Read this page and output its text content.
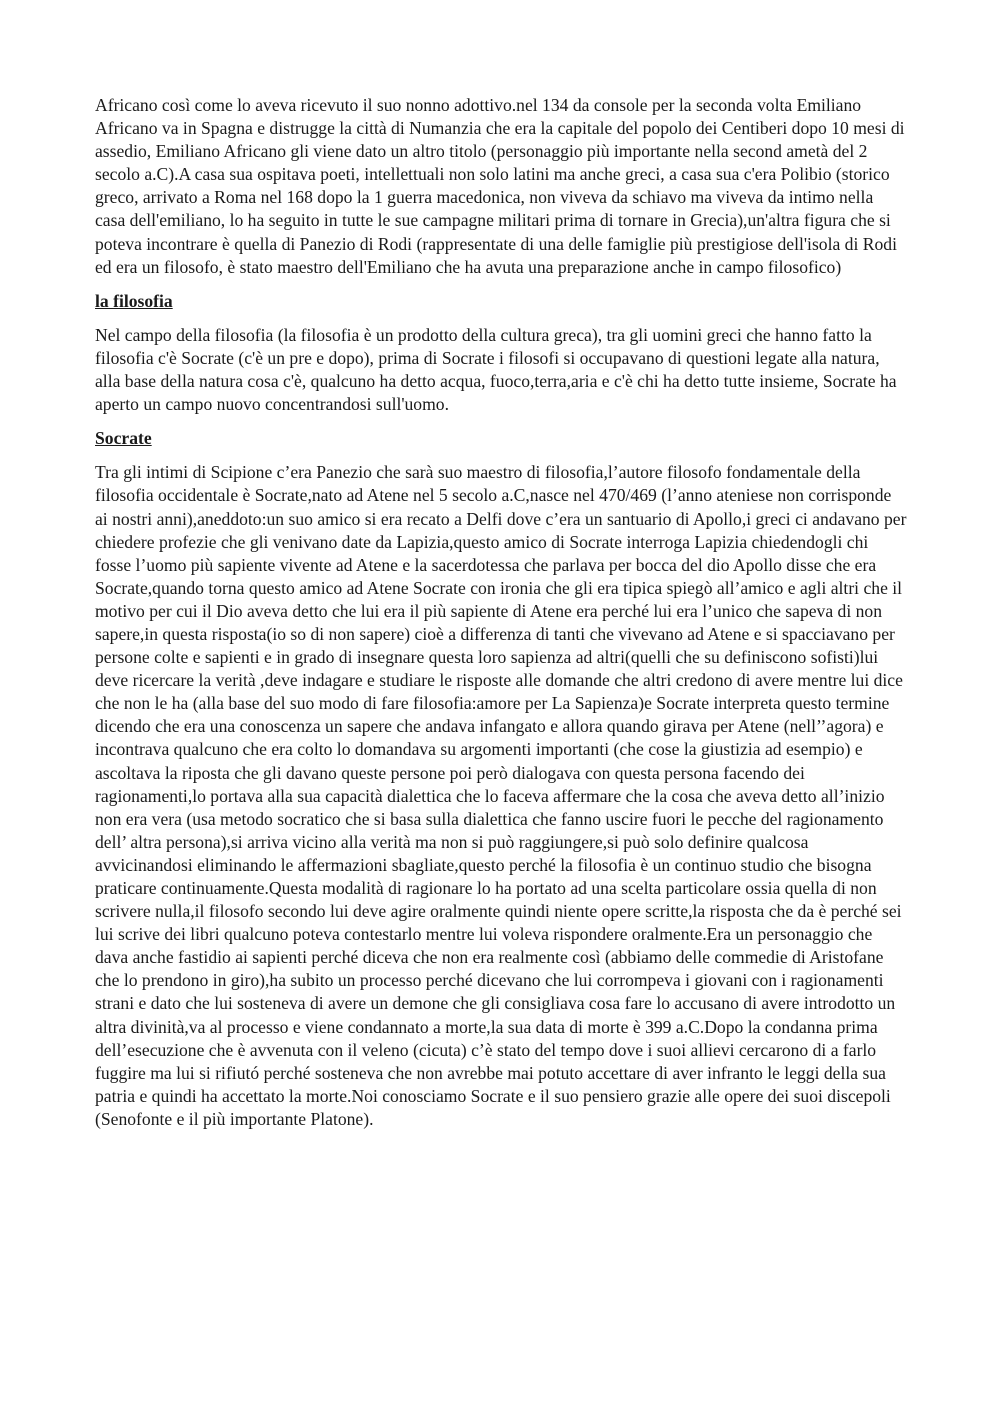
Africano così come lo aveva ricevuto il suo nonno adottivo.nel 134 da console per la seconda volta Emiliano Africano va in Spagna e distrugge la città di Numanzia che era la capitale del popolo dei Centiberi dopo 10 mesi di assedio, Emiliano Africano gli viene dato un altro titolo (personaggio più importante nella second ametà del 2 secolo a.C).A casa sua ospitava poeti, intellettuali non solo latini ma anche greci, a casa sua c'era Polibio (storico greco, arrivato a Roma nel 168 dopo la 1 guerra macedonica, non viveva da schiavo ma viveva da intimo nella casa dell'emiliano, lo ha seguito in tutte le sue campagne militari prima di tornare in Grecia),un'altra figura che si poteva incontrare è quella di Panezio di Rodi (rappresentate di una delle famiglie più prestigiose dell'isola di Rodi ed era un filosofo, è stato maestro dell'Emiliano che ha avuta una preparazione anche in campo filosofico)

la filosofia

Nel campo della filosofia (la filosofia è un prodotto della cultura greca), tra gli uomini greci che hanno fatto la filosofia c'è Socrate (c'è un pre e dopo), prima di Socrate i filosofi si occupavano di questioni legate alla natura, alla base della natura cosa c'è, qualcuno ha detto acqua, fuoco,terra,aria e c'è chi ha detto tutte insieme, Socrate ha aperto un campo nuovo concentrandosi sull'uomo.

Socrate

Tra gli intimi di Scipione c’era Panezio che sarà suo maestro di filosofia,l’autore filosofo fondamentale della filosofia occidentale è Socrate,nato ad Atene nel 5 secolo a.C,nasce nel 470/469 (l’anno ateniese non corrisponde ai nostri anni),aneddoto:un suo amico si era recato a Delfi dove c’era un santuario di Apollo,i greci ci andavano per chiedere profezie che gli venivano date da Lapizia,questo amico di Socrate interroga Lapizia chiedendogli chi fosse l’uomo più sapiente vivente ad Atene e la sacerdotessa che parlava per bocca del dio Apollo disse che era Socrate,quando torna questo amico ad Atene Socrate con ironia che gli era tipica spiegò all’amico e agli altri che il motivo per cui il Dio aveva detto che lui era il più sapiente di Atene era perché lui era l’unico che sapeva di non sapere,in questa risposta(io so di non sapere) cioè a differenza di tanti che vivevano ad Atene e si spacciavano per persone colte e sapienti e in grado di insegnare questa loro sapienza ad altri(quelli che su definiscono sofisti)lui deve ricercare la verità ,deve indagare e studiare le risposte alle domande che altri credono di avere mentre lui dice che non le ha (alla base del suo modo di fare filosofia:amore per La Sapienza)e Socrate interpreta questo termine dicendo che era una conoscenza un sapere che andava infangato e allora quando girava per Atene (nell’’agora) e incontrava qualcuno che era colto lo domandava su argomenti importanti (che cose la giustizia ad esempio) e ascoltava la riposta che gli davano queste persone poi però dialogava con questa persona facendo dei ragionamenti,lo portava alla sua capacità dialettica che lo faceva affermare che la cosa che aveva detto all’inizio non era vera (usa metodo socratico che si basa sulla dialettica che fanno uscire fuori le pecche del ragionamento dell’ altra persona),si arriva vicino alla verità ma non si può raggiungere,si può solo definire qualcosa avvicinandosi eliminando le affermazioni sbagliate,questo perché la filosofia è un continuo studio che bisogna praticare continuamente.Questa modalità di ragionare lo ha portato ad una scelta particolare ossia quella di non scrivere nulla,il filosofo secondo lui deve agire oralmente quindi niente opere scritte,la risposta che da è perché sei lui scrive dei libri qualcuno poteva contestarlo mentre lui voleva rispondere oralmente.Era un personaggio che dava anche fastidio ai sapienti perché diceva che non era realmente così (abbiamo delle commedie di Aristofane che lo prendono in giro),ha subito un processo perché dicevano che lui corrompeva i giovani con i ragionamenti strani e dato che lui sosteneva di avere un demone che gli consigliava cosa fare lo accusano di avere introdotto un altra divinità,va al processo e viene condannato a morte,la sua data di morte è 399 a.C.Dopo la condanna prima dell’esecuzione che è avvenuta con il veleno (cicuta) c’è stato del tempo dove i suoi allievi cercarono di a farlo fuggire ma lui si rifiutó perché sosteneva che non avrebbe mai potuto accettare di aver infranto le leggi della sua patria e quindi ha accettato la morte.Noi conosciamo Socrate e il suo pensiero grazie alle opere dei suoi discepoli (Senofonte e il più importante Platone).
